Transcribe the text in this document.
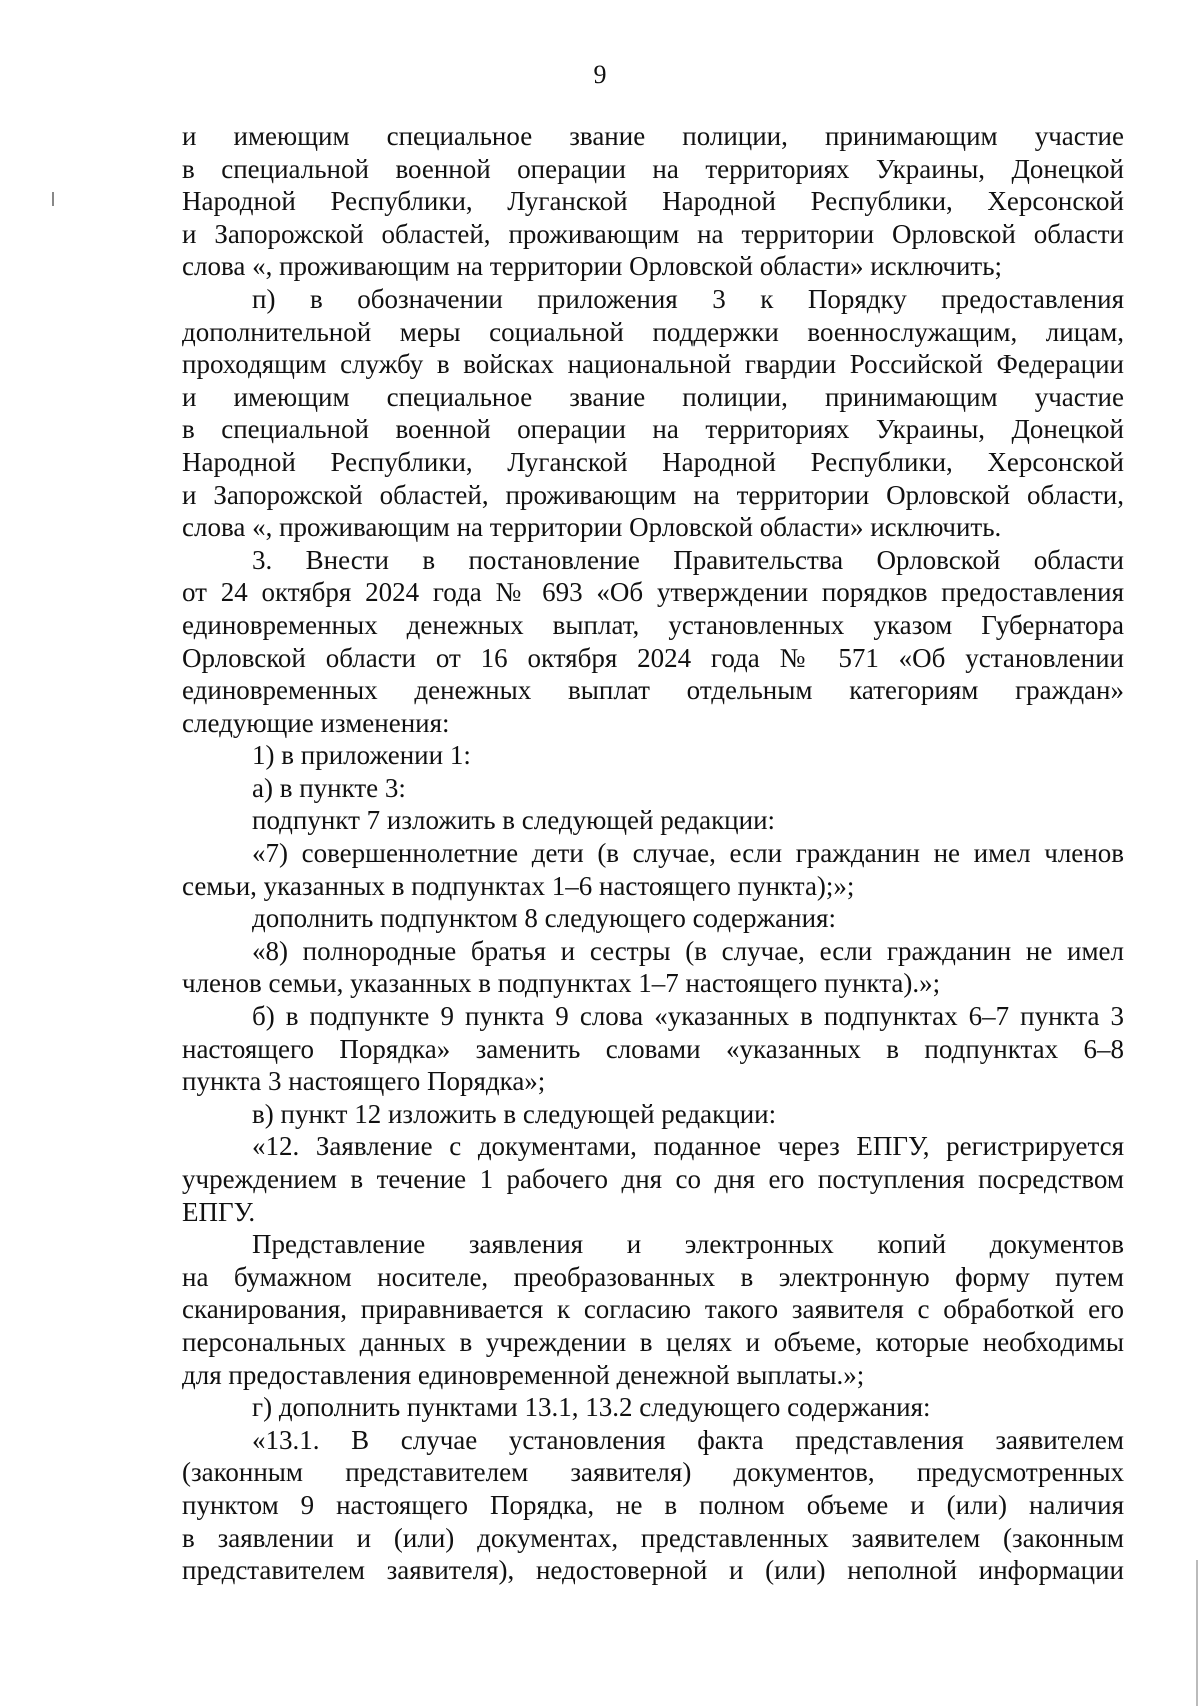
9
и имеющим специальное звание полиции, принимающим участие
в специальной военной операции на территориях Украины, Донецкой
Народной Республики, Луганской Народной Республики, Херсонской
и Запорожской областей, проживающим на территории Орловской области
слова «, проживающим на территории Орловской области» исключить;
п) в обозначении приложения 3 к Порядку предоставления
дополнительной меры социальной поддержки военнослужащим, лицам,
проходящим службу в войсках национальной гвардии Российской Федерации
и имеющим специальное звание полиции, принимающим участие
в специальной военной операции на территориях Украины, Донецкой
Народной Республики, Луганской Народной Республики, Херсонской
и Запорожской областей, проживающим на территории Орловской области,
слова «, проживающим на территории Орловской области» исключить.
3. Внести в постановление Правительства Орловской области
от 24 октября 2024 года № 693 «Об утверждении порядков предоставления
единовременных денежных выплат, установленных указом Губернатора
Орловской области от 16 октября 2024 года № 571 «Об установлении
единовременных денежных выплат отдельным категориям граждан»
следующие изменения:
1) в приложении 1:
а) в пункте 3:
подпункт 7 изложить в следующей редакции:
«7) совершеннолетние дети (в случае, если гражданин не имел членов
семьи, указанных в подпунктах 1–6 настоящего пункта);»;
дополнить подпунктом 8 следующего содержания:
«8) полнородные братья и сестры (в случае, если гражданин не имел
членов семьи, указанных в подпунктах 1–7 настоящего пункта).»;
б) в подпункте 9 пункта 9 слова «указанных в подпунктах 6–7 пункта 3
настоящего Порядка» заменить словами «указанных в подпунктах 6–8
пункта 3 настоящего Порядка»;
в) пункт 12 изложить в следующей редакции:
«12. Заявление с документами, поданное через ЕПГУ, регистрируется
учреждением в течение 1 рабочего дня со дня его поступления посредством
ЕПГУ.
Представление заявления и электронных копий документов
на бумажном носителе, преобразованных в электронную форму путем
сканирования, приравнивается к согласию такого заявителя с обработкой его
персональных данных в учреждении в целях и объеме, которые необходимы
для предоставления единовременной денежной выплаты.»;
г) дополнить пунктами 13.1, 13.2 следующего содержания:
«13.1. В случае установления факта представления заявителем
(законным представителем заявителя) документов, предусмотренных
пунктом 9 настоящего Порядка, не в полном объеме и (или) наличия
в заявлении и (или) документах, представленных заявителем (законным
представителем заявителя), недостоверной и (или) неполной информации
